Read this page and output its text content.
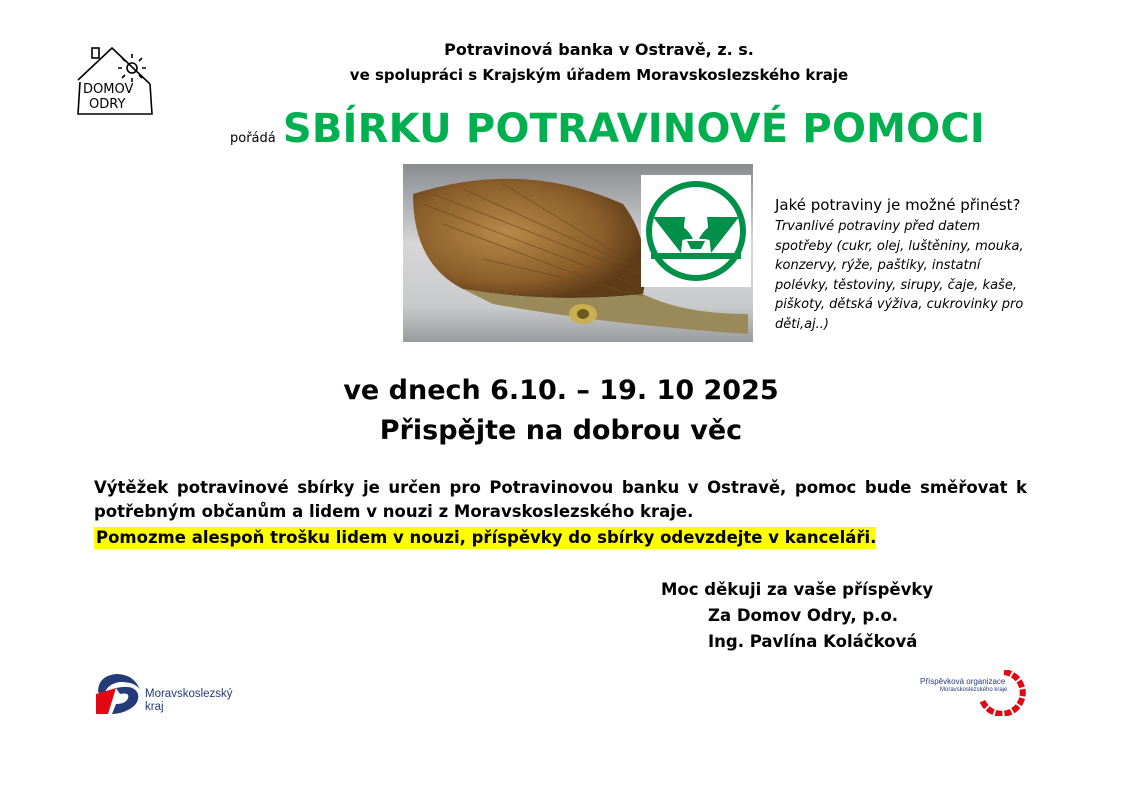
DOMOV
ODRY
Potravinová banka v Ostravě, z. s.
ve spolupráci s Krajským úřadem Moravskoslezského kraje
pořádá SBÍRKU POTRAVINOVÉ POMOCI
Jaké potraviny je možné přinést?
Trvanlivé potraviny před datem spotřeby (cukr, olej, luštěniny, mouka, konzervy, rýže, paštiky, instatní polévky, těstoviny, sirupy, čaje, kaše, piškoty, dětská výživa, cukrovinky pro děti,aj..)
ve dnech 6.10. – 19. 10 2025
Přispějte na dobrou věc
Výtěžek potravinové sbírky je určen pro Potravinovou banku v Ostravě, pomoc bude směřovat k potřebným občanům a lidem v nouzi z Moravskoslezského kraje.
Pomozme alespoň trošku lidem v nouzi, příspěvky do sbírky odevzdejte v kanceláři.
Moc děkuji za vaše příspěvky
Za Domov Odry, p.o.
Ing. Pavlína Koláčková
Moravskoslezský
kraj
Příspěvková organizace
Moravskoslezského kraje
